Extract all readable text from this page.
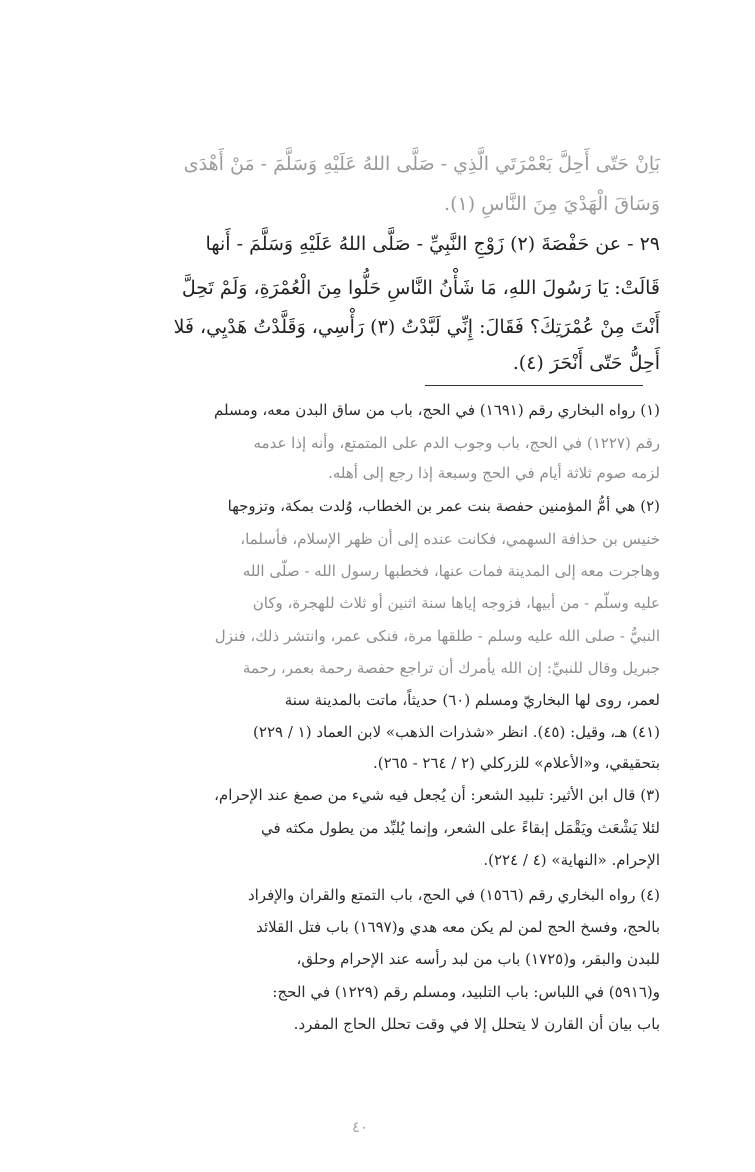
بَاِنْ حَتّى أَحِلَّ بَعْمْرَتَي الَّذِي - صَلَّى اللهُ عَلَيْهِ وَسَلَّمَ - مَنْ أَهْدَى
وَسَاقَ الْهَدْيَ مِنَ النَّاسِ (١).
٢٩ - عن حَفْصَةَ (٢) زَوْجِ النَّبِيِّ - صَلَّى اللهُ عَلَيْهِ وَسَلَّمَ - أَنها
قَالَتْ: يَا رَسُولَ اللهِ، مَا شَأْنُ النَّاسِ حَلُّوا مِنَ الْعُمْرَةِ، وَلَمْ تَحِلَّ
أَنْتَ مِنْ عُمْرَتِكَ؟ فَقَالَ: إِنِّي لَبَّدْتُ (٣) رَأْسِي، وَقَلَّدْتُ هَدْيِي، فَلا
أَحِلُّ حَتّى أَنْحَرَ (٤).
(١) رواه البخاري رقم (١٦٩١) في الحج، باب من ساق البدن معه، ومسلم
رقم (١٢٢٧) في الحج، باب وجوب الدم على المتمتع، وأنه إذا عدمه
لزمه صوم ثلاثة أيام في الحج وسبعة إذا رجع إلى أهله.
(٢) هي أمُّ المؤمنين حفصة بنت عمر بن الخطاب، وُلدت بمكة، وتزوجها
خنيس بن حذافة السهمي، فكانت عنده إلى أن ظهر الإسلام، فأسلما،
وهاجرت معه إلى المدينة فمات عنها، فخطبها رسول الله - صلّى الله
عليه وسلّم - من أبيها، فزوجه إياها سنة اثنين أو ثلاث للهجرة، وكان
النبيُّ - صلى الله عليه وسلم - طلقها مرة، فنكى عمر، وانتشر ذلك، فنزل
جبريل وقال للنبيِّ: إن الله يأمرك أن تراجع حفصة رحمة بعمر، رحمة
لعمر، روى لها البخاريّ ومسلم (٦٠) حديثاً، ماتت بالمدينة سنة
(٤١) هـ، وقيل: (٤٥). انظر «شذرات الذهب» لابن العماد (١ / ٢٢٩)
بتحقيقي، و«الأعلام» للزركلي (٢ / ٢٦٤ - ٢٦٥).
(٣) قال ابن الأثير: تلبيد الشعر: أن يُجعل فيه شيء من صمغ عند الإحرام،
لئلا يَشْعَث ويَقْمَل إبقاءً على الشعر، وإنما يُلبِّد من يطول مكثه في
الإحرام. «النهاية» (٤ / ٢٢٤).
(٤) رواه البخاري رقم (١٥٦٦) في الحج، باب التمتع والقران والإفراد
بالحج، وفسخ الحج لمن لم يكن معه هدي و(١٦٩٧) باب فتل القلائد
للبدن والبقر، و(١٧٢٥) باب من لبد رأسه عند الإحرام وحلق،
و(٥٩١٦) في اللباس: باب التلبيد، ومسلم رقم (١٢٢٩) في الحج:
باب بيان أن القارن لا يتحلل إلا في وقت تحلل الحاج المفرد.
٤٠
